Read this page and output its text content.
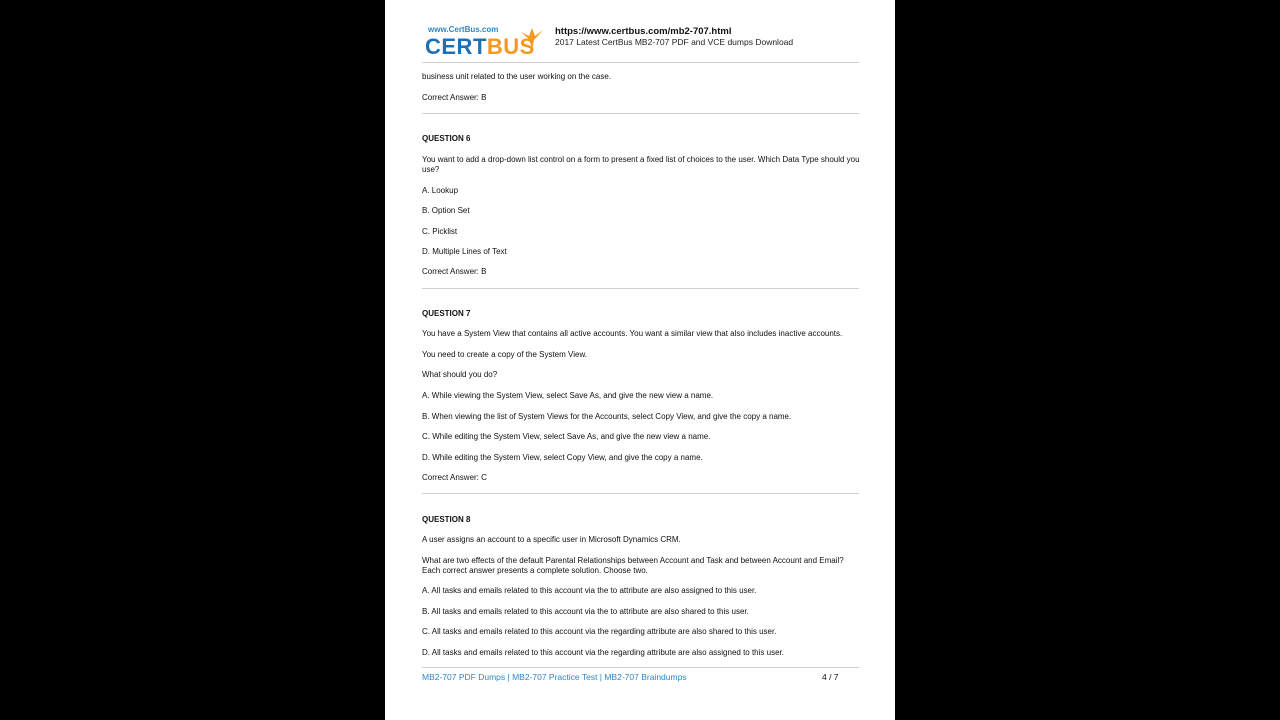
www.CertBus.com
CERTBUS
https://www.certbus.com/mb2-707.html
2017 Latest CertBus MB2-707 PDF and VCE dumps Download
business unit related to the user working on the case.
Correct Answer: B
QUESTION 6
You want to add a drop-down list control on a form to present a fixed list of choices to the user. Which Data Type should you use?
A. Lookup
B. Option Set
C. Picklist
D. Multiple Lines of Text
Correct Answer: B
QUESTION 7
You have a System View that contains all active accounts. You want a similar view that also includes inactive accounts.
You need to create a copy of the System View.
What should you do?
A. While viewing the System View, select Save As, and give the new view a name.
B. When viewing the list of System Views for the Accounts, select Copy View, and give the copy a name.
C. While editing the System View, select Save As, and give the new view a name.
D. While editing the System View, select Copy View, and give the copy a name.
Correct Answer: C
QUESTION 8
A user assigns an account to a specific user in Microsoft Dynamics CRM.
What are two effects of the default Parental Relationships between Account and Task and between Account and Email? Each correct answer presents a complete solution. Choose two.
A. All tasks and emails related to this account via the to attribute are also assigned to this user.
B. All tasks and emails related to this account via the to attribute are also shared to this user.
C. All tasks and emails related to this account via the regarding attribute are also shared to this user.
D. All tasks and emails related to this account via the regarding attribute are also assigned to this user.
MB2-707 PDF Dumps | MB2-707 Practice Test | MB2-707 Braindumps	4 / 7
